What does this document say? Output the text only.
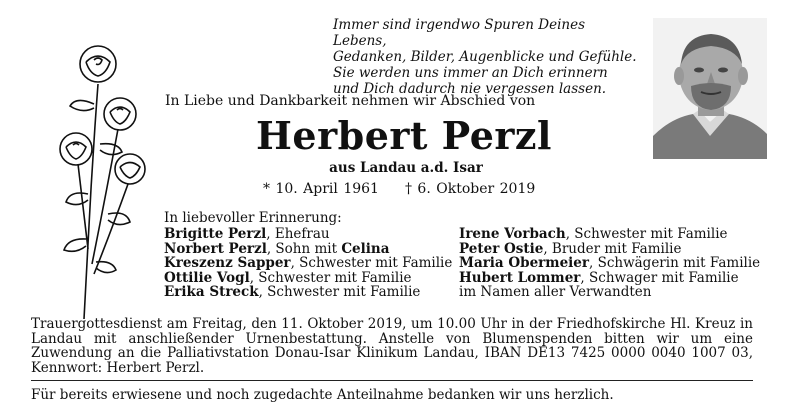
Immer sind irgendwo Spuren Deines Lebens,
Gedanken, Bilder, Augenblicke und Gefühle.
Sie werden uns immer an Dich erinnern
und Dich dadurch nie vergessen lassen.
In Liebe und Dankbarkeit nehmen wir Abschied von
Herbert Perzl
aus Landau a.d. Isar
* 10. April 1961 † 6. Oktober 2019
In liebevoller Erinnerung:
Brigitte Perzl, Ehefrau
Norbert Perzl, Sohn mit Celina
Kreszenz Sapper, Schwester mit Familie
Ottilie Vogl, Schwester mit Familie
Erika Streck, Schwester mit Familie
Irene Vorbach, Schwester mit Familie
Peter Ostie, Bruder mit Familie
Maria Obermeier, Schwägerin mit Familie
Hubert Lommer, Schwager mit Familie
im Namen aller Verwandten
Trauergottesdienst am Freitag, den 11. Oktober 2019, um 10.00 Uhr in der Friedhofskirche Hl. Kreuz in Landau mit anschließender Urnenbestattung. Anstelle von Blumenspenden bitten wir um eine Zuwendung an die Palliativstation Donau-Isar Klinikum Landau, IBAN DE13 7425 0000 0040 1007 03, Kennwort: Herbert Perzl.
Für bereits erwiesene und noch zugedachte Anteilnahme bedanken wir uns herzlich.
